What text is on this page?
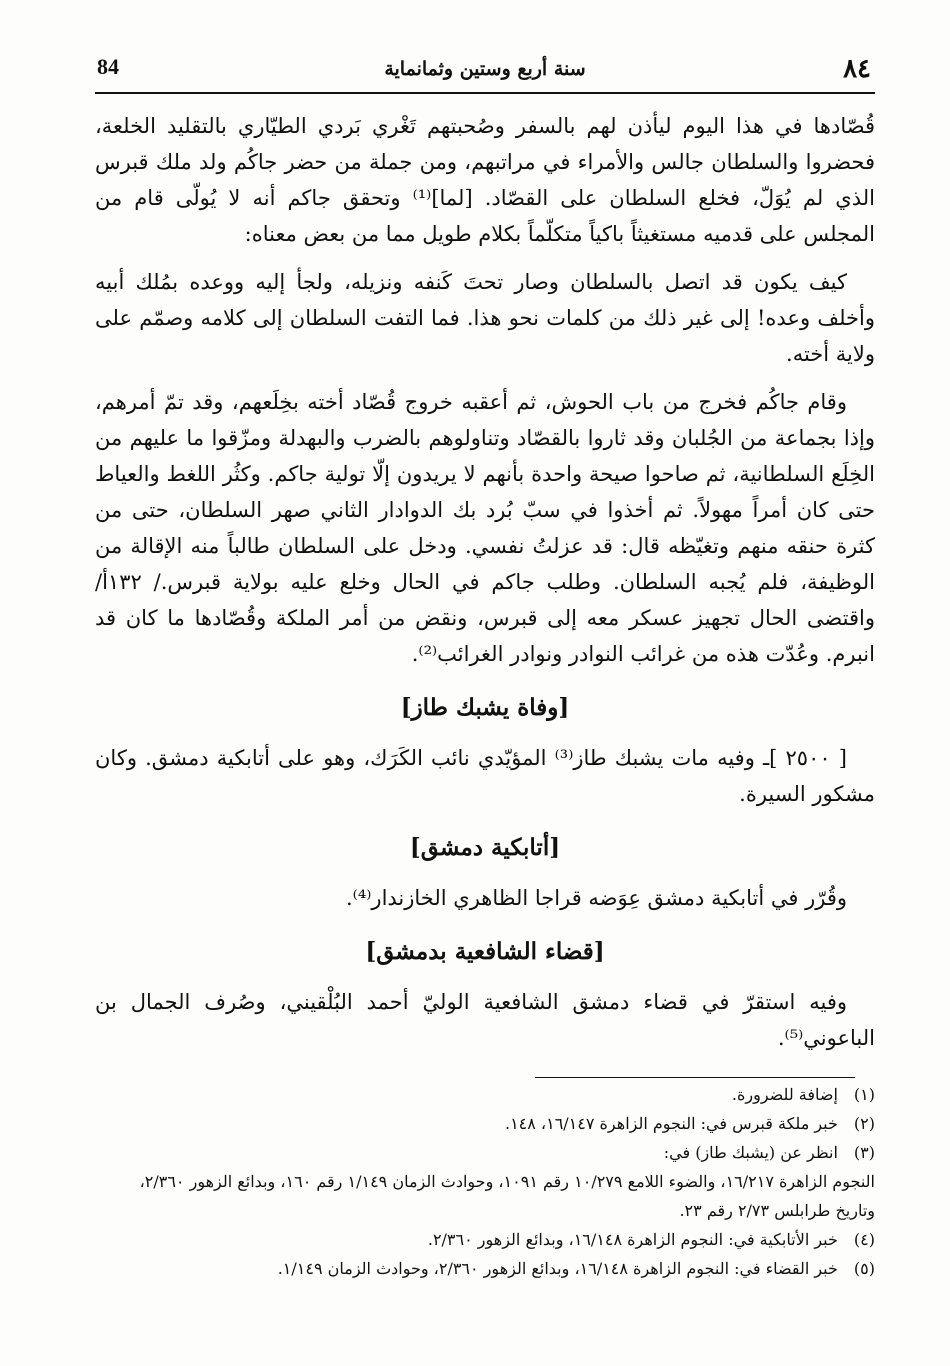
٨٤
سنة أربع وستين وثمانماية
84

قُصّادها في هذا اليوم ليأذن لهم بالسفر وصُحبتهم تَغْري بَردي الطيّاري بالتقليد الخلعة، فحضروا والسلطان جالس والأمراء في مراتبهم، ومن جملة من حضر جاكُم ولد ملك قبرس الذي لم يُوَلّ، فخلع السلطان على القصّاد. [لما]⁽¹⁾ وتحقق جاكم أنه لا يُولّى قام من المجلس على قدميه مستغيثاً باكياً متكلّماً بكلام طويل مما من بعض معناه:

كيف يكون قد اتصل بالسلطان وصار تحتَ كَنفه ونزيله، ولجأ إليه ووعده بمُلك أبيه وأخلف وعده! إلى غير ذلك من كلمات نحو هذا. فما التفت السلطان إلى كلامه وصمّم على ولاية أخته.

وقام جاكُم فخرج من باب الحوش، ثم أعقبه خروج قُصّاد أخته بخِلَعهم، وقد تمّ أمرهم، وإذا بجماعة من الجُلبان وقد ثاروا بالقصّاد وتناولوهم بالضرب والبهدلة ومزّقوا ما عليهم من الخِلَع السلطانية، ثم صاحوا صيحة واحدة بأنهم لا يريدون إلّا تولية جاكم. وكثُر اللغط والعياط حتى كان أمراً مهولاً. ثم أخذوا في سبّ بُرد بك الدوادار الثاني صهر السلطان، حتى من كثرة حنقه منهم وتغيّظه قال: قد عزلتُ نفسي. ودخل على السلطان طالباً منه الإقالة من الوظيفة، فلم يُجبه السلطان. وطلب جاكم في الحال وخلع عليه بولاية قبرس./ ١٣٢أ/ واقتضى الحال تجهيز عسكر معه إلى قبرس، ونقض من أمر الملكة وقُصّادها ما كان قد انبرم. وعُدّت هذه من غرائب النوادر ونوادر الغرائب⁽²⁾.

[وفاة يشبك طاز]

[ ٢٥٠٠ ]ـ وفيه مات يشبك طاز⁽³⁾ المؤيّدي نائب الكَرَك، وهو على أتابكية دمشق. وكان مشكور السيرة.

[أتابكية دمشق]

وقُرّر في أتابكية دمشق عِوَضه قراجا الظاهري الخازندار⁽⁴⁾.

[قضاء الشافعية بدمشق]

وفيه استقرّ في قضاء دمشق الشافعية الوليّ أحمد البُلْقيني، وصُرف الجمال بن الباعوني⁽⁵⁾.

(١) إضافة للضرورة.

(٢) خبر ملكة قبرس في: النجوم الزاهرة ١٦/١٤٧، ١٤٨.

(٣) انظر عن (يشبك طاز) في:

النجوم الزاهرة ١٦/٢١٧، والضوء اللامع ١٠/٢٧٩ رقم ١٠٩١، وحوادث الزمان ١/١٤٩ رقم ١٦٠، وبدائع الزهور ٢/٣٦٠، وتاريخ طرابلس ٢/٧٣ رقم ٢٣.

(٤) خبر الأتابكية في: النجوم الزاهرة ١٦/١٤٨، وبدائع الزهور ٢/٣٦٠.

(٥) خبر القضاء في: النجوم الزاهرة ١٦/١٤٨، وبدائع الزهور ٢/٣٦٠، وحوادث الزمان ١/١٤٩.
